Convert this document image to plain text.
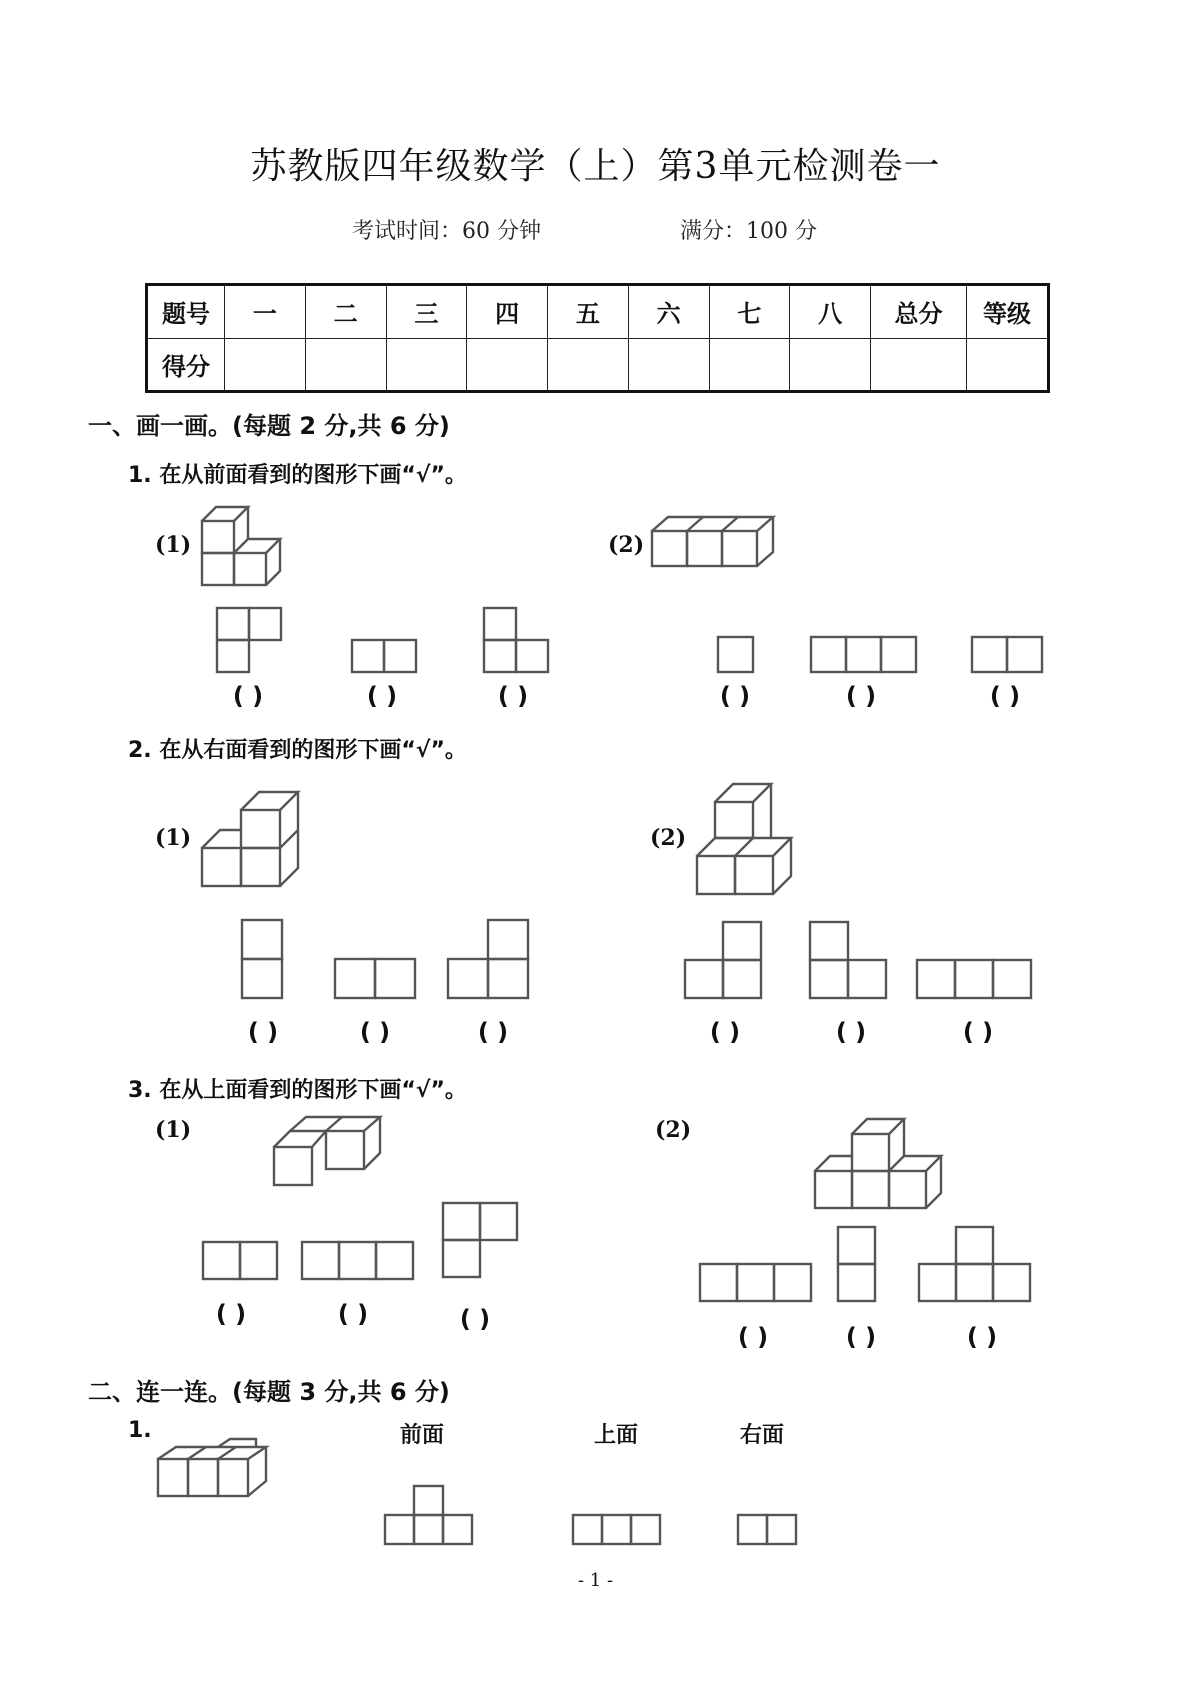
苏教版四年级数学（上）第3单元检测卷一
考试时间：60 分钟	满分：100 分
题号	一	二	三	四	五	六	七	八	总分	等级
得分										
一、画一画。(每题 2 分,共 6 分)
1. 在从前面看到的图形下画“√”。
(1)
( )	( )	( )
(2)
( )	( )	( )
2. 在从右面看到的图形下画“√”。
(1)
( )	( )	( )
(2)
( )	( )	( )
3. 在从上面看到的图形下画“√”。
(1)
( )	( )	( )
(2)
( )	( )	( )
二、连一连。(每题 3 分,共 6 分)
1.	前面	上面	右面
- 1 -
